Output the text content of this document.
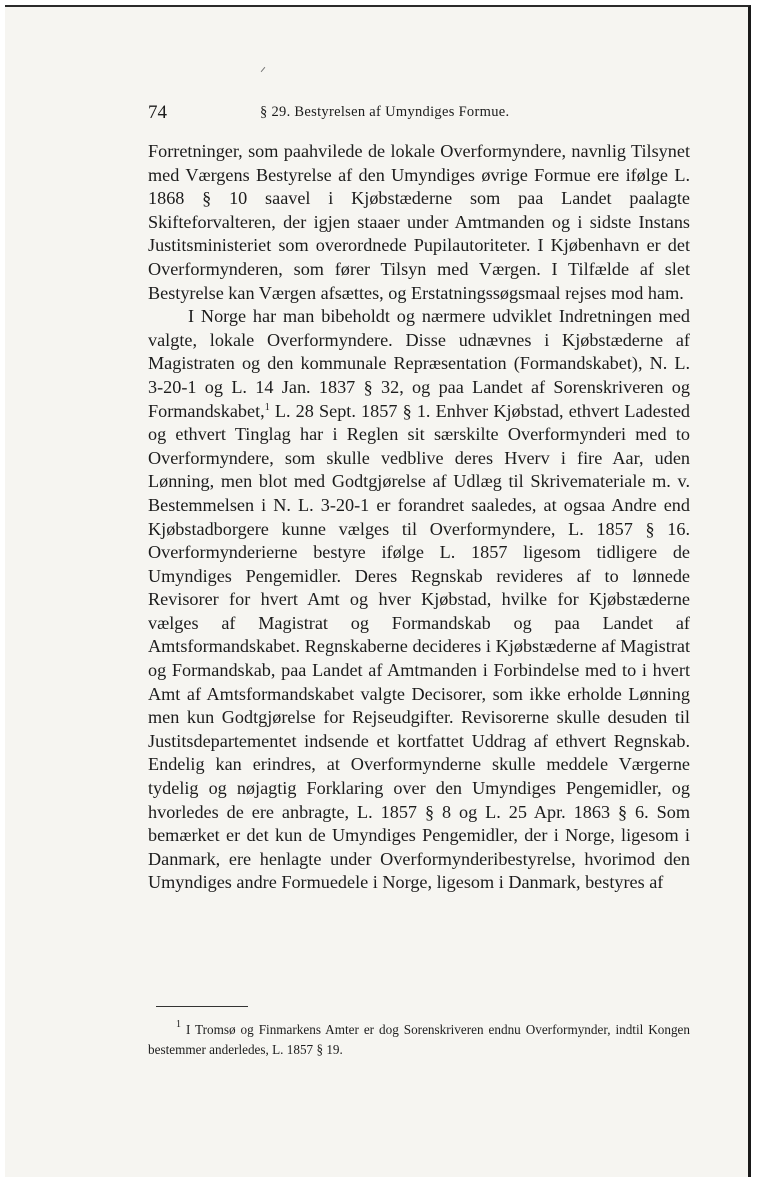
74	§ 29. Bestyrelsen af Umyndiges Formue.

Forretninger, som paahvilede de lokale Overformyndere, navnlig Tilsynet med Værgens Bestyrelse af den Umyndiges øvrige Formue ere ifølge L. 1868 § 10 saavel i Kjøbstæderne som paa Landet paalagte Skifteforvalteren, der igjen staaer under Amtmanden og i sidste Instans Justitsministeriet som overordnede Pupilautoriteter. I Kjøbenhavn er det Overformynderen, som fører Tilsyn med Værgen. I Tilfælde af slet Bestyrelse kan Værgen afsættes, og Erstatningssøgsmaal rejses mod ham.

I Norge har man bibeholdt og nærmere udviklet Indretningen med valgte, lokale Overformyndere. Disse udnævnes i Kjøbstæderne af Magistraten og den kommunale Repræsentation (Formandskabet), N. L. 3-20-1 og L. 14 Jan. 1837 § 32, og paa Landet af Sorenskriveren og Formandskabet,$^1$ L. 28 Sept. 1857 § 1. Enhver Kjøbstad, ethvert Ladested og ethvert Tinglag har i Reglen sit særskilte Overformynderi med to Overformyndere, som skulle vedblive deres Hverv i fire Aar, uden Lønning, men blot med Godtgjørelse af Udlæg til Skrivemateriale m. v. Bestemmelsen i N. L. 3-20-1 er forandret saaledes, at ogsaa Andre end Kjøbstadborgere kunne vælges til Overformyndere, L. 1857 § 16. Overformynderierne bestyre ifølge L. 1857 ligesom tidligere de Umyndiges Pengemidler. Deres Regnskab revideres af to lønnede Revisorer for hvert Amt og hver Kjøbstad, hvilke for Kjøbstæderne vælges af Magistrat og Formandskab og paa Landet af Amtsformandskabet. Regnskaberne decideres i Kjøbstæderne af Magistrat og Formandskab, paa Landet af Amtmanden i Forbindelse med to i hvert Amt af Amtsformandskabet valgte Decisorer, som ikke erholde Lønning men kun Godtgjørelse for Rejseudgifter. Revisorerne skulle desuden til Justitsdepartementet indsende et kortfattet Uddrag af ethvert Regnskab. Endelig kan erindres, at Overformynderne skulle meddele Værgerne tydelig og nøjagtig Forklaring over den Umyndiges Pengemidler, og hvorledes de ere anbragte, L. 1857 § 8 og L. 25 Apr. 1863 § 6. Som bemærket er det kun de Umyndiges Pengemidler, der i Norge, ligesom i Danmark, ere henlagte under Overformynderibestyrelse, hvorimod den Umyndiges andre Formuedele i Norge, ligesom i Danmark, bestyres af

$^1$ I Tromsø og Finmarkens Amter er dog Sorenskriveren endnu Overformynder, indtil Kongen bestemmer anderledes, L. 1857 § 19.
